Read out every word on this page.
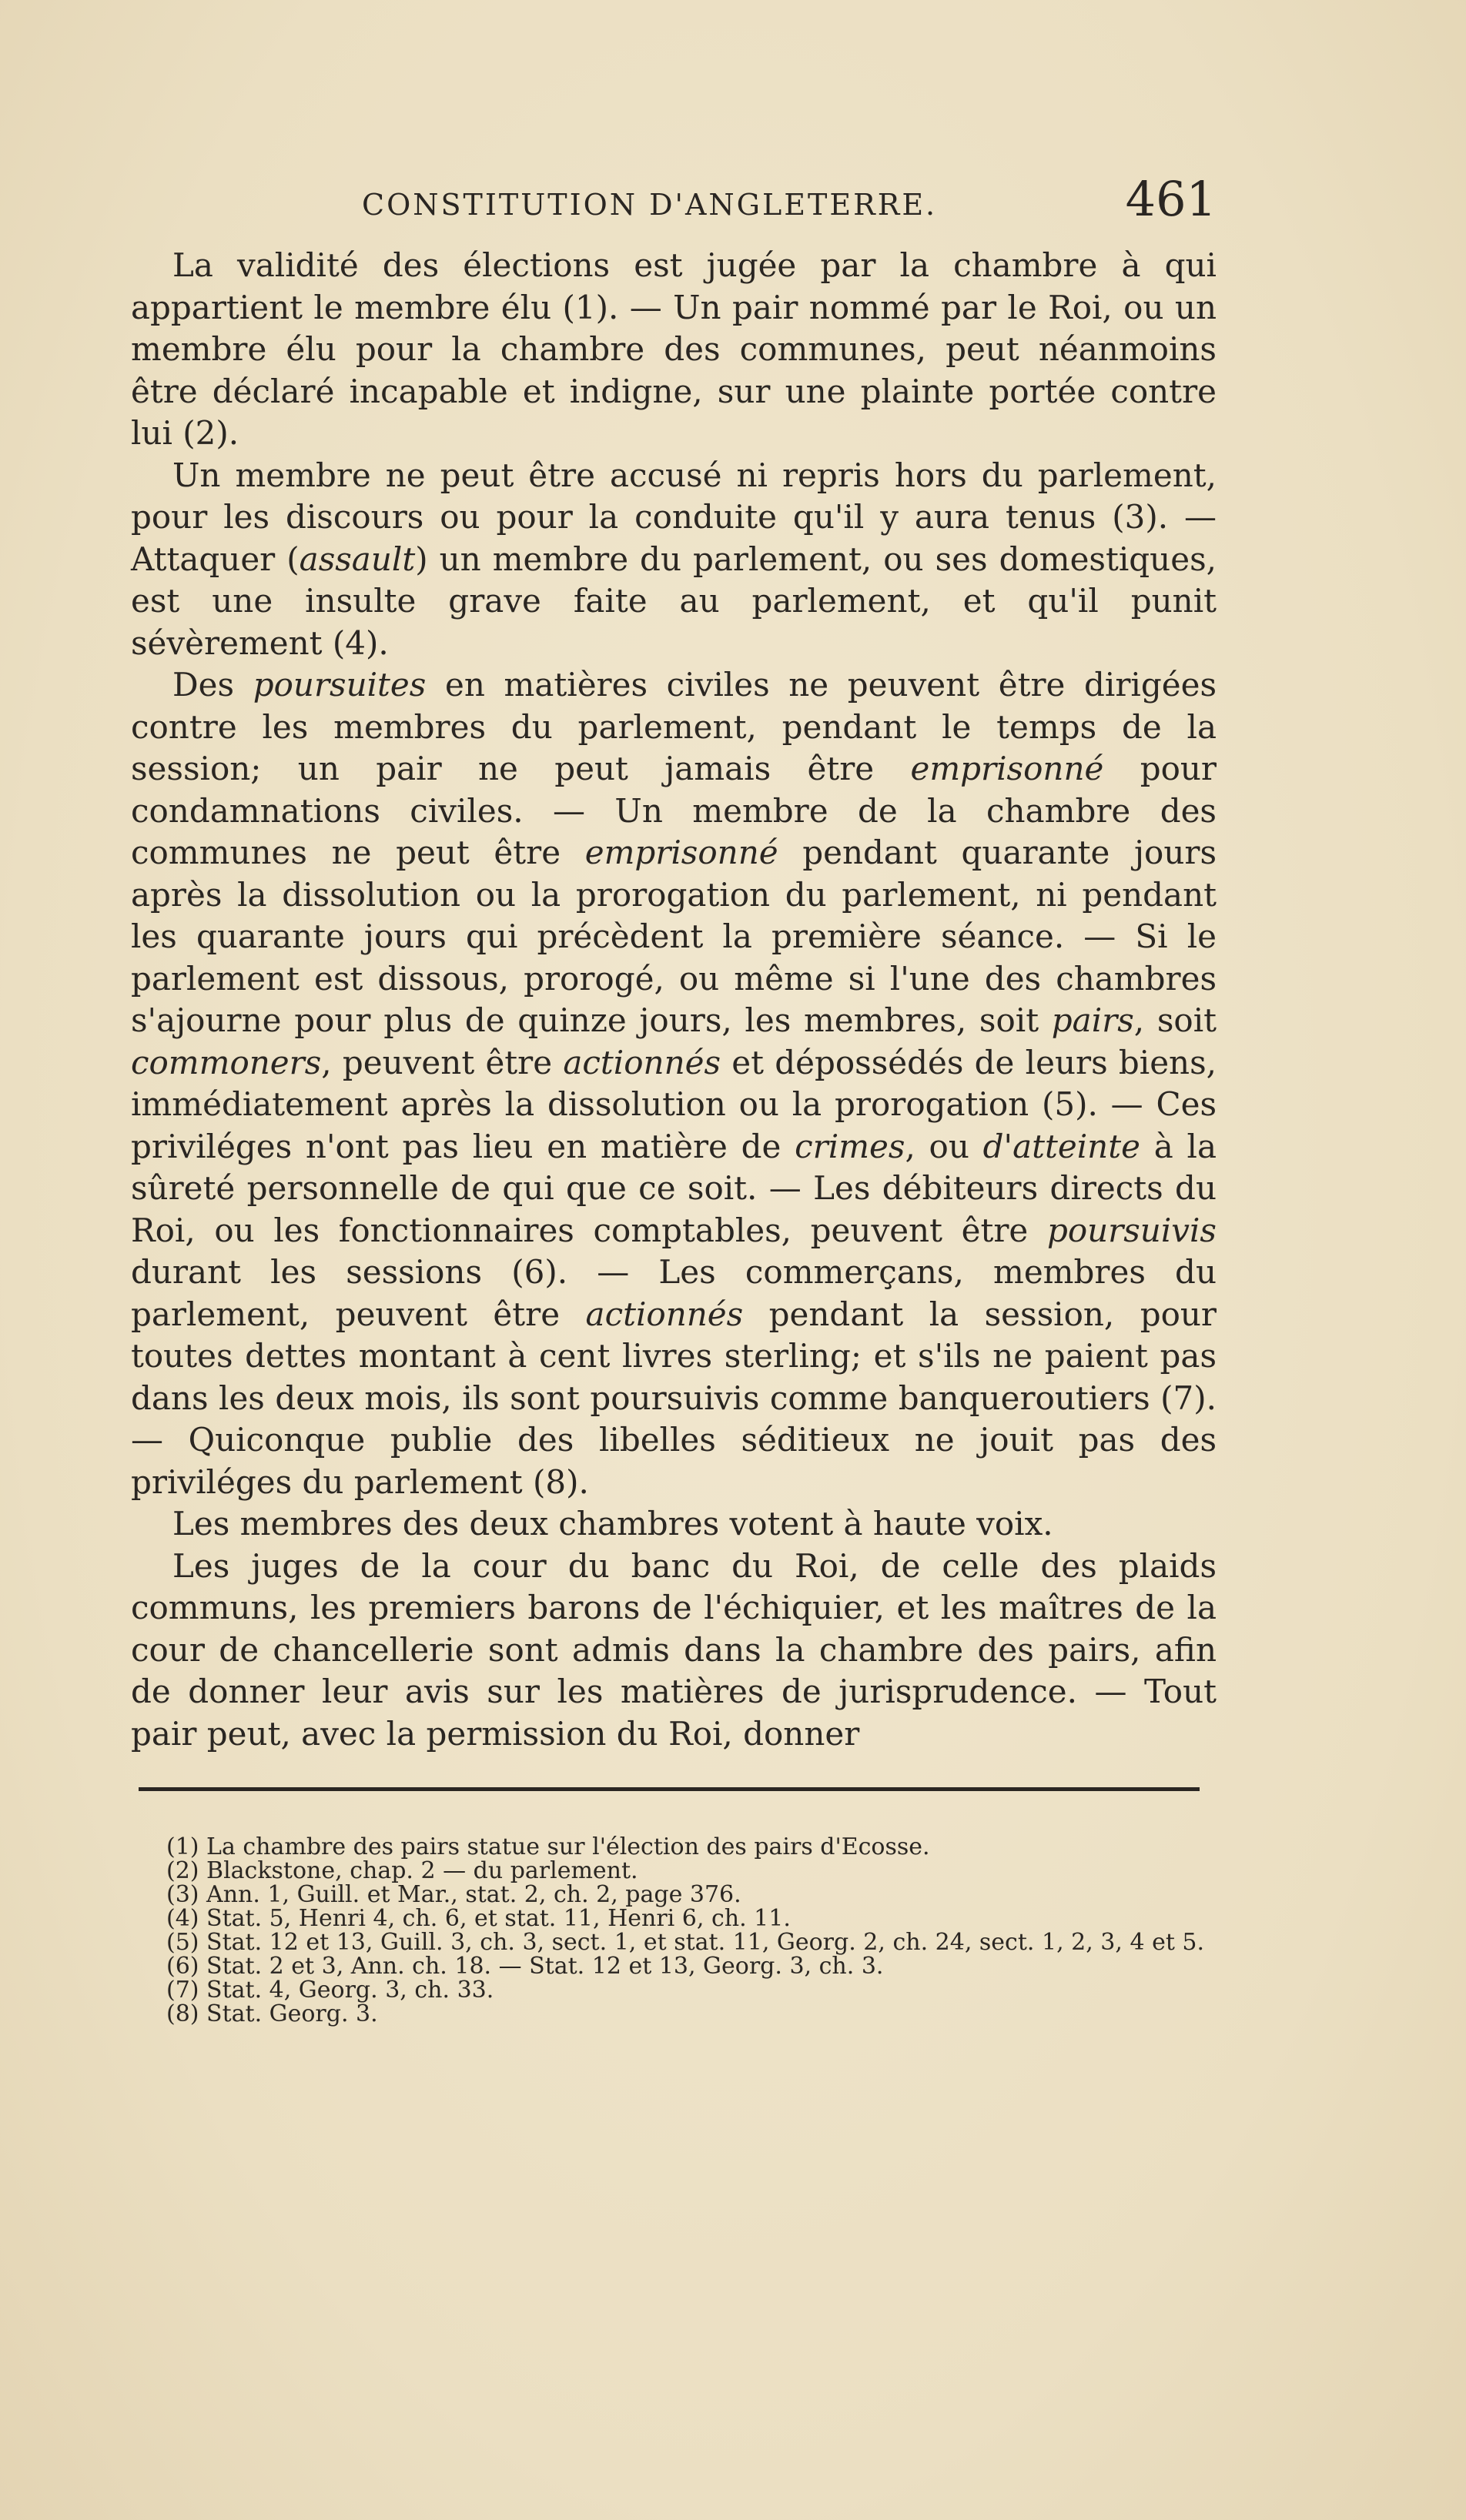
CONSTITUTION D'ANGLETERRE.	461

La validité des élections est jugée par la chambre à qui appartient le membre élu (1). — Un pair nommé par le Roi, ou un membre élu pour la chambre des communes, peut néanmoins être déclaré incapable et indigne, sur une plainte portée contre lui (2).

Un membre ne peut être accusé ni repris hors du parlement, pour les discours ou pour la conduite qu'il y aura tenus (3). — Attaquer (assault) un membre du parlement, ou ses domestiques, est une insulte grave faite au parlement, et qu'il punit sévèrement (4).

Des poursuites en matières civiles ne peuvent être dirigées contre les membres du parlement, pendant le temps de la session; un pair ne peut jamais être emprisonné pour condamnations civiles. — Un membre de la chambre des communes ne peut être emprisonné pendant quarante jours après la dissolution ou la prorogation du parlement, ni pendant les quarante jours qui précèdent la première séance. — Si le parlement est dissous, prorogé, ou même si l'une des chambres s'ajourne pour plus de quinze jours, les membres, soit pairs, soit commoners, peuvent être actionnés et dépossédés de leurs biens, immédiatement après la dissolution ou la prorogation (5). — Ces priviléges n'ont pas lieu en matière de crimes, ou d'atteinte à la sûreté personnelle de qui que ce soit. — Les débiteurs directs du Roi, ou les fonctionnaires comptables, peuvent être poursuivis durant les sessions (6). — Les commerçans, membres du parlement, peuvent être actionnés pendant la session, pour toutes dettes montant à cent livres sterling; et s'ils ne paient pas dans les deux mois, ils sont poursuivis comme banqueroutiers (7). — Quiconque publie des libelles séditieux ne jouit pas des priviléges du parlement (8).

Les membres des deux chambres votent à haute voix.

Les juges de la cour du banc du Roi, de celle des plaids communs, les premiers barons de l'échiquier, et les maîtres de la cour de chancellerie sont admis dans la chambre des pairs, afin de donner leur avis sur les matières de jurisprudence. — Tout pair peut, avec la permission du Roi, donner

(1) La chambre des pairs statue sur l'élection des pairs d'Ecosse.

(2) Blackstone, chap. 2 — du parlement.

(3) Ann. 1, Guill. et Mar., stat. 2, ch. 2, page 376.

(4) Stat. 5, Henri 4, ch. 6, et stat. 11, Henri 6, ch. 11.

(5) Stat. 12 et 13, Guill. 3, ch. 3, sect. 1, et stat. 11, Georg. 2, ch. 24, sect. 1, 2, 3, 4 et 5.

(6) Stat. 2 et 3, Ann. ch. 18. — Stat. 12 et 13, Georg. 3, ch. 3.

(7) Stat. 4, Georg. 3, ch. 33.

(8) Stat. Georg. 3.
